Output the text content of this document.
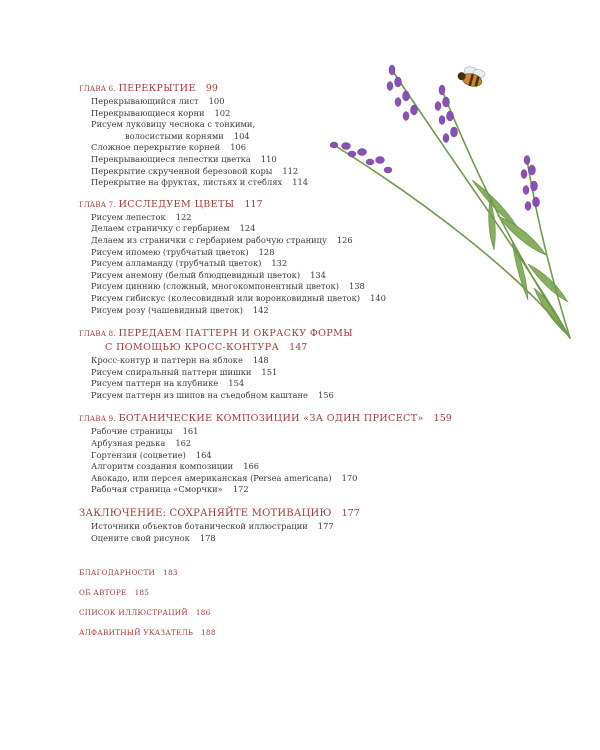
ГЛАВА 6. ПЕРЕКРЫТИЕ 99
Перекрывающийся лист 100
Перекрывающиеся корни 102
Рисуем луковицу чеснока с тонкими,
волосистыми корнями 104
Сложное перекрытие корней 106
Перекрывающиеся лепестки цветка 110
Перекрытие скрученной березовой коры 112
Перекрытие на фруктах, листьях и стеблях 114
ГЛАВА 7. ИССЛЕДУЕМ ЦВЕТЫ 117
Рисуем лепесток 122
Делаем страничку с гербарием 124
Делаем из странички с гербарием рабочую страницу 126
Рисуем ипомею (трубчатый цветок) 128
Рисуем алламанду (трубчатый цветок) 132
Рисуем анемону (белый блюдцевидный цветок) 134
Рисуем циннию (сложный, многокомпонентный цветок) 138
Рисуем гибискус (колесовидный или воронковидный цветок) 140
Рисуем розу (чашевидный цветок) 142
ГЛАВА 8. ПЕРЕДАЕМ ПАТТЕРН И ОКРАСКУ ФОРМЫ
С ПОМОЩЬЮ КРОСС-КОНТУРА 147
Кросс-контур и паттерн на яблоке 148
Рисуем спиральный паттерн шишки 151
Рисуем паттерн на клубнике 154
Рисуем паттерн из шипов на съедобном каштане 156
ГЛАВА 9. БОТАНИЧЕСКИЕ КОМПОЗИЦИИ «ЗА ОДИН ПРИСЕСТ» 159
Рабочие страницы 161
Арбузная редька 162
Гортензия (соцветие) 164
Алгоритм создания композиции 166
Авокадо, или персея американская (Persea americana) 170
Рабочая страница «Сморчки» 172
ЗАКЛЮЧЕНИЕ: СОХРАНЯЙТЕ МОТИВАЦИЮ 177
Источники объектов ботанической иллюстрации 177
Оцените свой рисунок 178
БЛАГОДАРНОСТИ 183
ОБ АВТОРЕ 185
СПИСОК ИЛЛЮСТРАЦИЙ 186
АЛФАВИТНЫЙ УКАЗАТЕЛЬ 188
